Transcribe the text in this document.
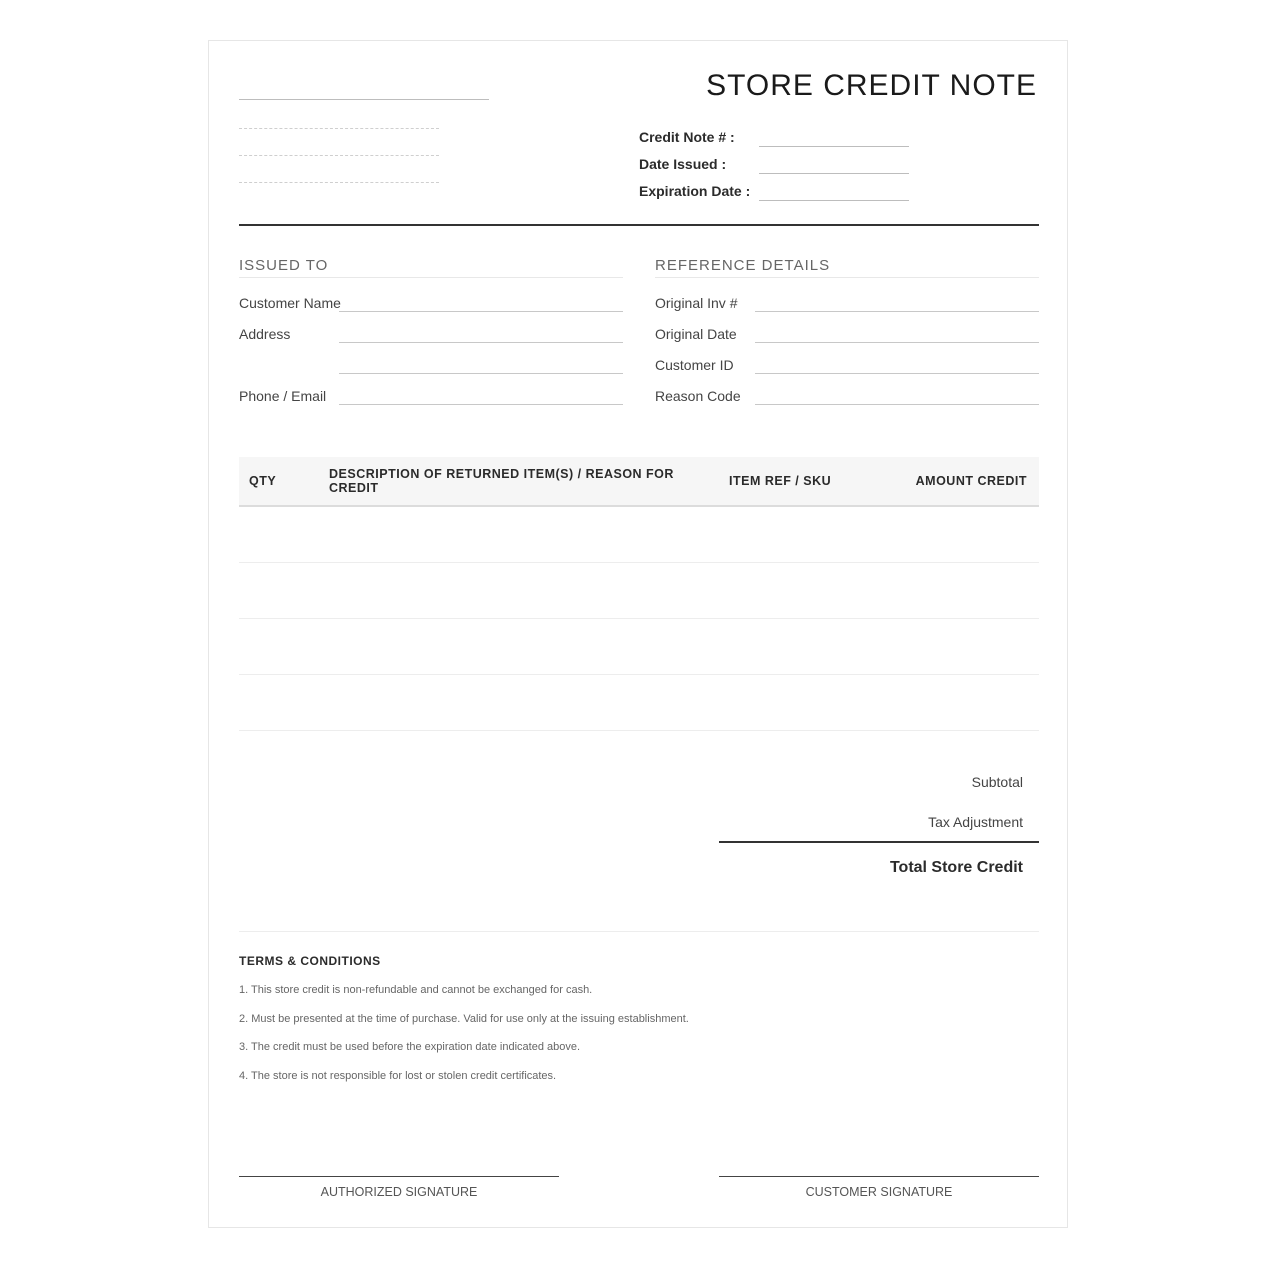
STORE CREDIT NOTE
Credit Note # :
Date Issued :
Expiration Date :
ISSUED TO
Customer Name
Address
Phone / Email
REFERENCE DETAILS
Original Inv #
Original Date
Customer ID
Reason Code
QTY	DESCRIPTION OF RETURNED ITEM(S) / REASON FOR CREDIT	ITEM REF / SKU	AMOUNT CREDIT
Subtotal
Tax Adjustment
Total Store Credit
TERMS & CONDITIONS
1. This store credit is non-refundable and cannot be exchanged for cash.
2. Must be presented at the time of purchase. Valid for use only at the issuing establishment.
3. The credit must be used before the expiration date indicated above.
4. The store is not responsible for lost or stolen credit certificates.
AUTHORIZED SIGNATURE	CUSTOMER SIGNATURE
